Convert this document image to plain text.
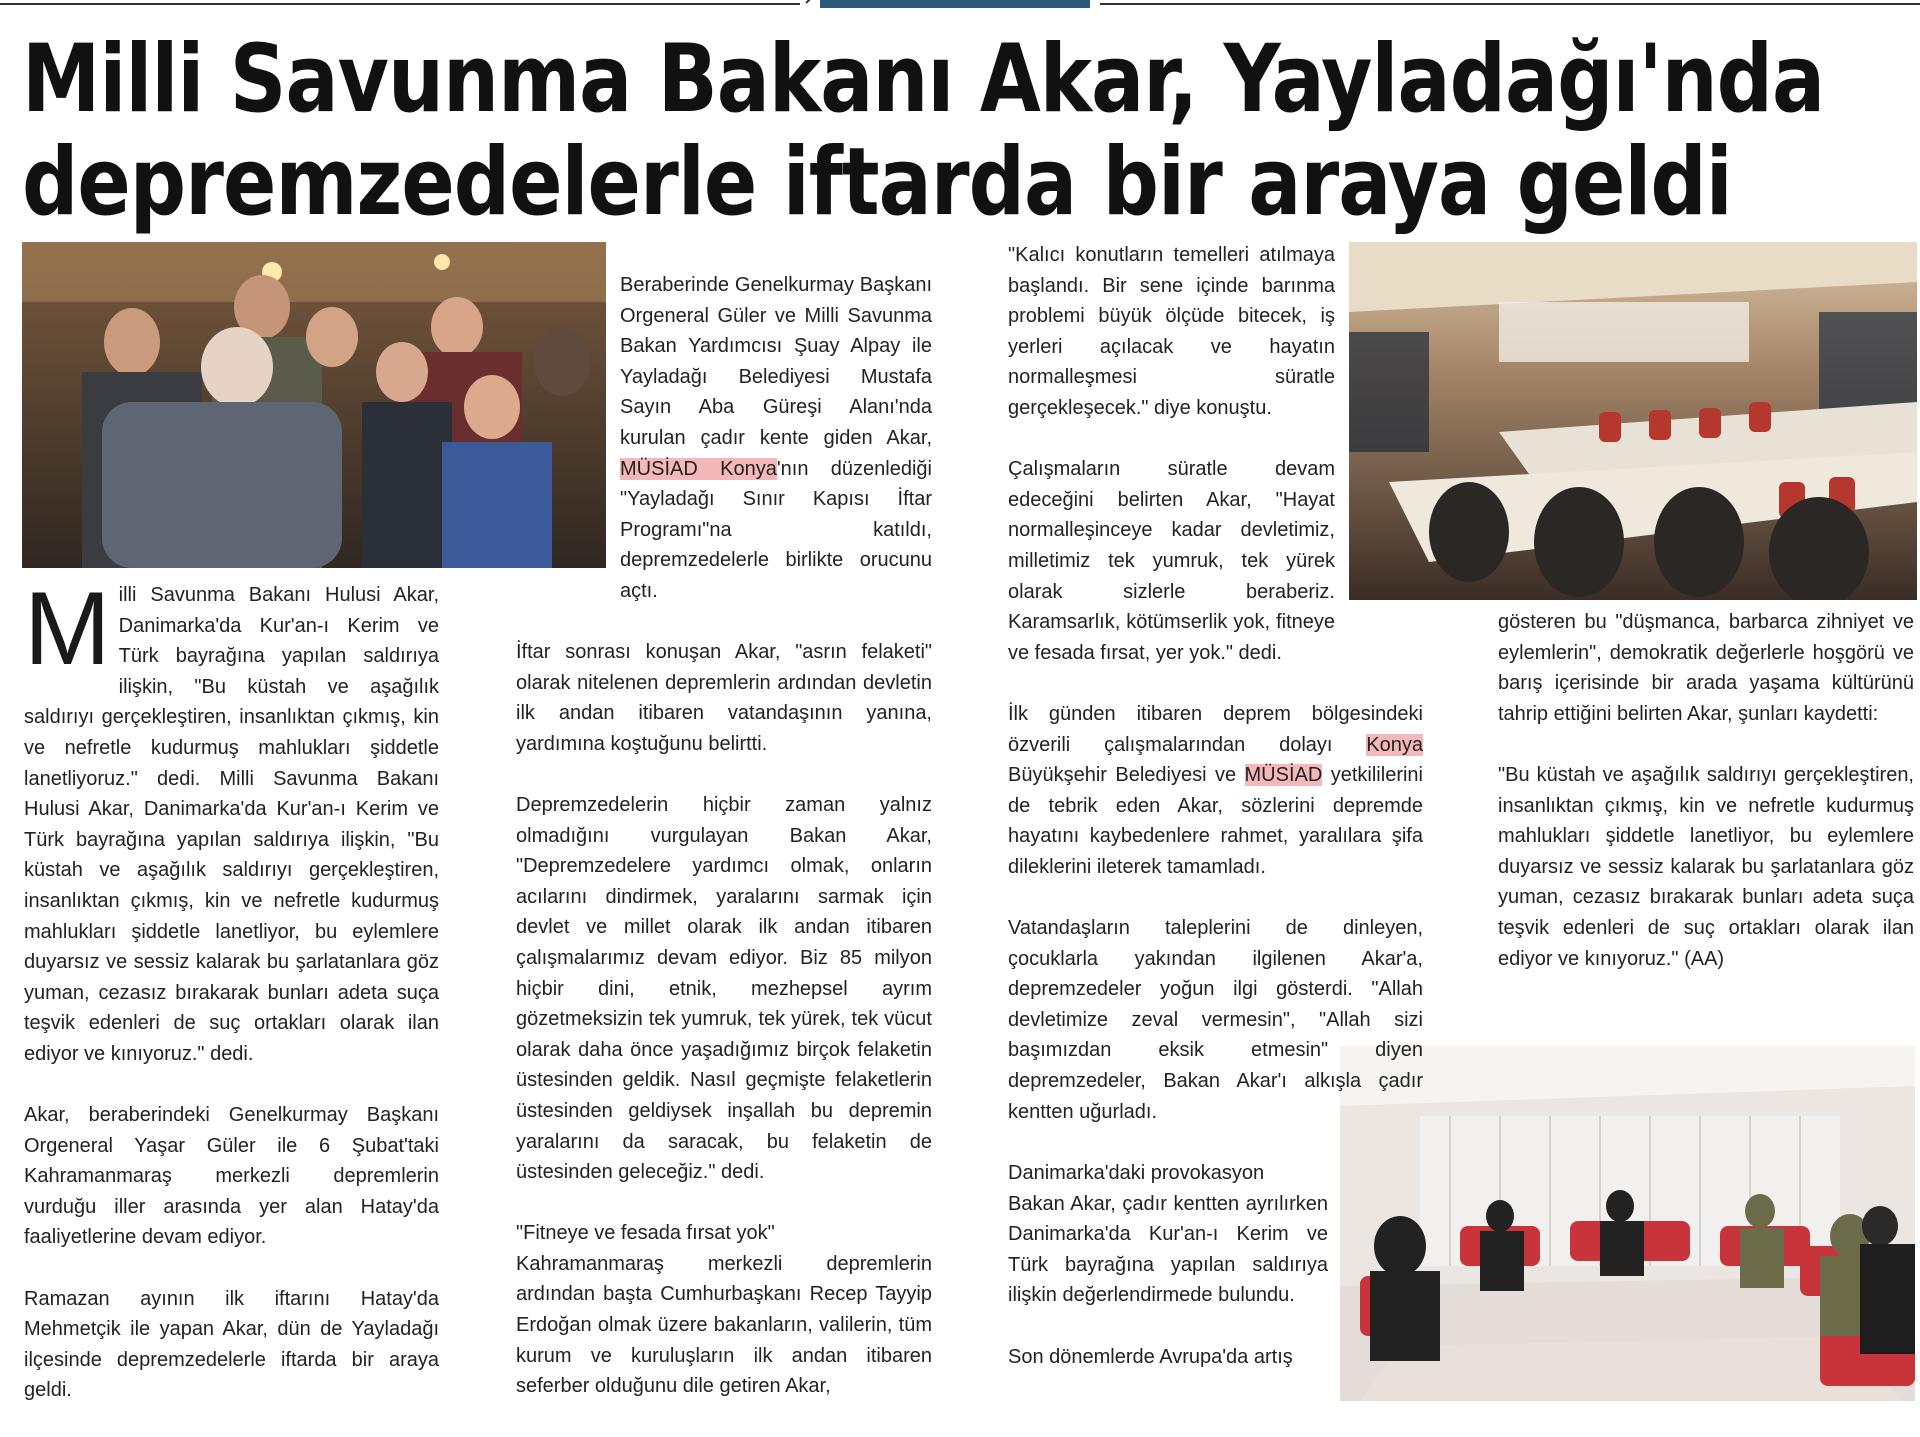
Milli Savunma Bakanı Akar, Yayladağı'nda
depremzedelerle iftarda bir araya geldi

Milli Savunma Bakanı Hulusi Akar, Danimarka'da Kur'an-ı Kerim ve Türk bayrağına yapılan saldırıya ilişkin, "Bu küstah ve aşağılık saldırıyı gerçekleştiren, insanlıktan çıkmış, kin ve nefretle kudurmuş mahlukları şiddetle lanetliyoruz." dedi. Milli Savunma Bakanı Hulusi Akar, Danimarka'da Kur'an-ı Kerim ve Türk bayrağına yapılan saldırıya ilişkin, "Bu küstah ve aşağılık saldırıyı gerçekleştiren, insanlıktan çıkmış, kin ve nefretle kudurmuş mahlukları şiddetle lanetliyor, bu eylemlere duyarsız ve sessiz kalarak bu şarlatanlara göz yuman, cezasız bırakarak bunları adeta suça teşvik edenleri de suç ortakları olarak ilan ediyor ve kınıyoruz." dedi.

Akar, beraberindeki Genelkurmay Başkanı Orgeneral Yaşar Güler ile 6 Şubat'taki Kahramanmaraş merkezli depremlerin vurduğu iller arasında yer alan Hatay'da faaliyetlerine devam ediyor.

Ramazan ayının ilk iftarını Hatay'da Mehmetçik ile yapan Akar, dün de Yayladağı ilçesinde depremzedelerle iftarda bir araya geldi.

Beraberinde Genelkurmay Başkanı Orgeneral Güler ve Milli Savunma Bakan Yardımcısı Şuay Alpay ile Yayladağı Belediyesi Mustafa Sayın Aba Güreşi Alanı'nda kurulan çadır kente giden Akar, MÜSİAD Konya'nın düzenlediği "Yayladağı Sınır Kapısı İftar Programı"na katıldı, depremzedelerle birlikte orucunu açtı.

İftar sonrası konuşan Akar, "asrın felaketi" olarak nitelenen depremlerin ardından devletin ilk andan itibaren vatandaşının yanına, yardımına koştuğunu belirtti.

Depremzedelerin hiçbir zaman yalnız olmadığını vurgulayan Bakan Akar, "Depremzedelere yardımcı olmak, onların acılarını dindirmek, yaralarını sarmak için devlet ve millet olarak ilk andan itibaren çalışmalarımız devam ediyor. Biz 85 milyon hiçbir dini, etnik, mezhepsel ayrım gözetmeksizin tek yumruk, tek yürek, tek vücut olarak daha önce yaşadığımız birçok felaketin üstesinden geldik. Nasıl geçmişte felaketlerin üstesinden geldiysek inşallah bu depremin yaralarını da saracak, bu felaketin de üstesinden geleceğiz." dedi.

"Fitneye ve fesada fırsat yok"

Kahramanmaraş merkezli depremlerin ardından başta Cumhurbaşkanı Recep Tayyip Erdoğan olmak üzere bakanların, valilerin, tüm kurum ve kuruluşların ilk andan itibaren seferber olduğunu dile getiren Akar,

"Kalıcı konutların temelleri atılmaya başlandı. Bir sene içinde barınma problemi büyük ölçüde bitecek, iş yerleri açılacak ve hayatın normalleşmesi süratle gerçekleşecek." diye konuştu.

Çalışmaların süratle devam edeceğini belirten Akar, "Hayat normalleşinceye kadar devletimiz, milletimiz tek yumruk, tek yürek olarak sizlerle beraberiz. Karamsarlık, kötümserlik yok, fitneye ve fesada fırsat, yer yok." dedi.

İlk günden itibaren deprem bölgesindeki özverili çalışmalarından dolayı Konya Büyükşehir Belediyesi ve MÜSİAD yetkililerini de tebrik eden Akar, sözlerini depremde hayatını kaybedenlere rahmet, yaralılara şifa dileklerini ileterek tamamladı.

Vatandaşların taleplerini de dinleyen, çocuklarla yakından ilgilenen Akar'a, depremzedeler yoğun ilgi gösterdi. "Allah devletimize zeval vermesin", "Allah sizi başımızdan eksik etmesin" diyen depremzedeler, Bakan Akar'ı alkışla çadır kentten uğurladı.

Danimarka'daki provokasyon

Bakan Akar, çadır kentten ayrılırken Danimarka'da Kur'an-ı Kerim ve Türk bayrağına yapılan saldırıya ilişkin değerlendirmede bulundu.

Son dönemlerde Avrupa'da artış

gösteren bu "düşmanca, barbarca zihniyet ve eylemlerin", demokratik değerlerle hoşgörü ve barış içerisinde bir arada yaşama kültürünü tahrip ettiğini belirten Akar, şunları kaydetti:

"Bu küstah ve aşağılık saldırıyı gerçekleştiren, insanlıktan çıkmış, kin ve nefretle kudurmuş mahlukları şiddetle lanetliyor, bu eylemlere duyarsız ve sessiz kalarak bu şarlatanlara göz yuman, cezasız bırakarak bunları adeta suça teşvik edenleri de suç ortakları olarak ilan ediyor ve kınıyoruz." (AA)
